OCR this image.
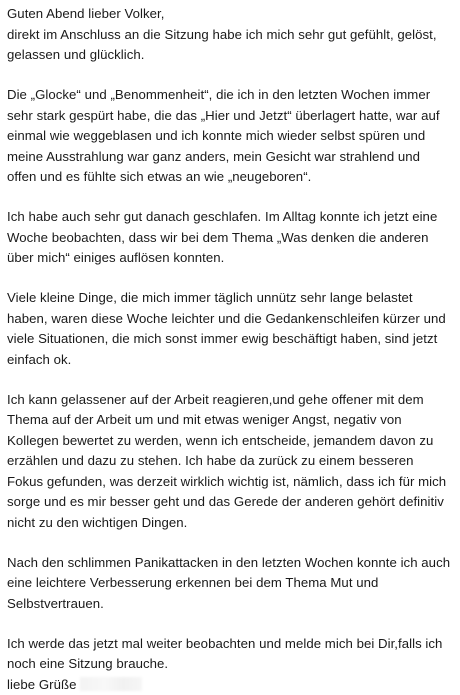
Guten Abend lieber Volker,
direkt im Anschluss an die Sitzung habe ich mich sehr gut gefühlt, gelöst,
gelassen und glücklich.
Die „Glocke“ und „Benommenheit“, die ich in den letzten Wochen immer
sehr stark gespürt habe, die das „Hier und Jetzt“ überlagert hatte, war auf
einmal wie weggeblasen und ich konnte mich wieder selbst spüren und
meine Ausstrahlung war ganz anders, mein Gesicht war strahlend und
offen und es fühlte sich etwas an wie „neugeboren“.
Ich habe auch sehr gut danach geschlafen. Im Alltag konnte ich jetzt eine
Woche beobachten, dass wir bei dem Thema „Was denken die anderen
über mich“ einiges auflösen konnten.
Viele kleine Dinge, die mich immer täglich unnütz sehr lange belastet
haben, waren diese Woche leichter und die Gedankenschleifen kürzer und
viele Situationen, die mich sonst immer ewig beschäftigt haben, sind jetzt
einfach ok.
Ich kann gelassener auf der Arbeit reagieren,und gehe offener mit dem
Thema auf der Arbeit um und mit etwas weniger Angst, negativ von
Kollegen bewertet zu werden, wenn ich entscheide, jemandem davon zu
erzählen und dazu zu stehen. Ich habe da zurück zu einem besseren
Fokus gefunden, was derzeit wirklich wichtig ist, nämlich, dass ich für mich
sorge und es mir besser geht und das Gerede der anderen gehört definitiv
nicht zu den wichtigen Dingen.
Nach den schlimmen Panikattacken in den letzten Wochen konnte ich auch
eine leichtere Verbesserung erkennen bei dem Thema Mut und
Selbstvertrauen.
Ich werde das jetzt mal weiter beobachten und melde mich bei Dir,falls ich
noch eine Sitzung brauche.
liebe Grüße
